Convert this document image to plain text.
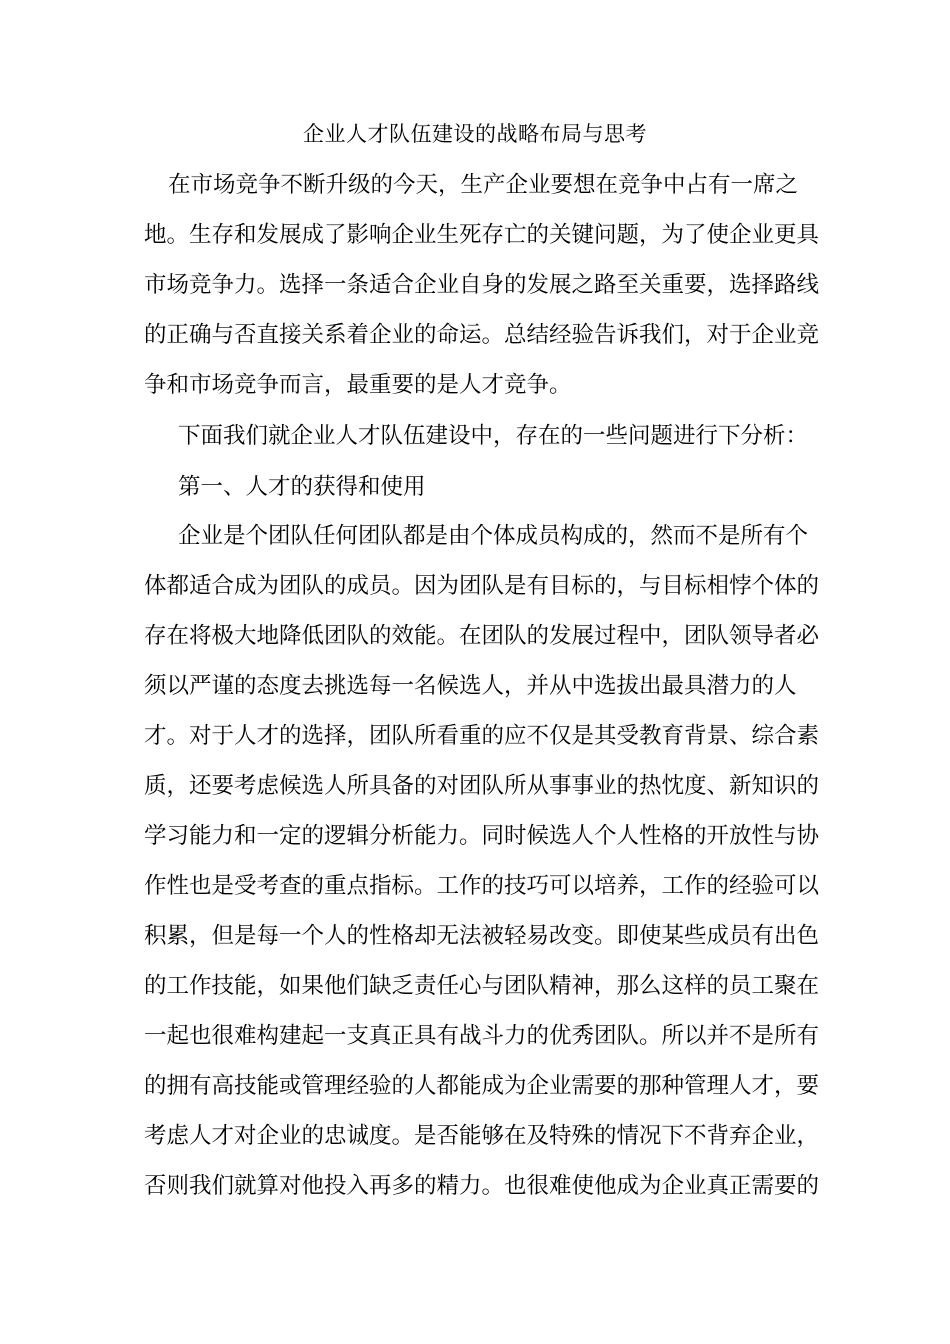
企业人才队伍建设的战略布局与思考
在市场竞争不断升级的今天，生产企业要想在竞争中占有一席之
地。生存和发展成了影响企业生死存亡的关键问题，为了使企业更具
市场竞争力。选择一条适合企业自身的发展之路至关重要，选择路线
的正确与否直接关系着企业的命运。总结经验告诉我们，对于企业竞
争和市场竞争而言，最重要的是人才竞争。
下面我们就企业人才队伍建设中，存在的一些问题进行下分析：
第一、人才的获得和使用
企业是个团队任何团队都是由个体成员构成的，然而不是所有个
体都适合成为团队的成员。因为团队是有目标的，与目标相悖个体的
存在将极大地降低团队的效能。在团队的发展过程中，团队领导者必
须以严谨的态度去挑选每一名候选人，并从中选拔出最具潜力的人
才。对于人才的选择，团队所看重的应不仅是其受教育背景、综合素
质，还要考虑候选人所具备的对团队所从事事业的热忱度、新知识的
学习能力和一定的逻辑分析能力。同时候选人个人性格的开放性与协
作性也是受考查的重点指标。工作的技巧可以培养，工作的经验可以
积累，但是每一个人的性格却无法被轻易改变。即使某些成员有出色
的工作技能，如果他们缺乏责任心与团队精神，那么这样的员工聚在
一起也很难构建起一支真正具有战斗力的优秀团队。所以并不是所有
的拥有高技能或管理经验的人都能成为企业需要的那种管理人才，要
考虑人才对企业的忠诚度。是否能够在及特殊的情况下不背弃企业，
否则我们就算对他投入再多的精力。也很难使他成为企业真正需要的
